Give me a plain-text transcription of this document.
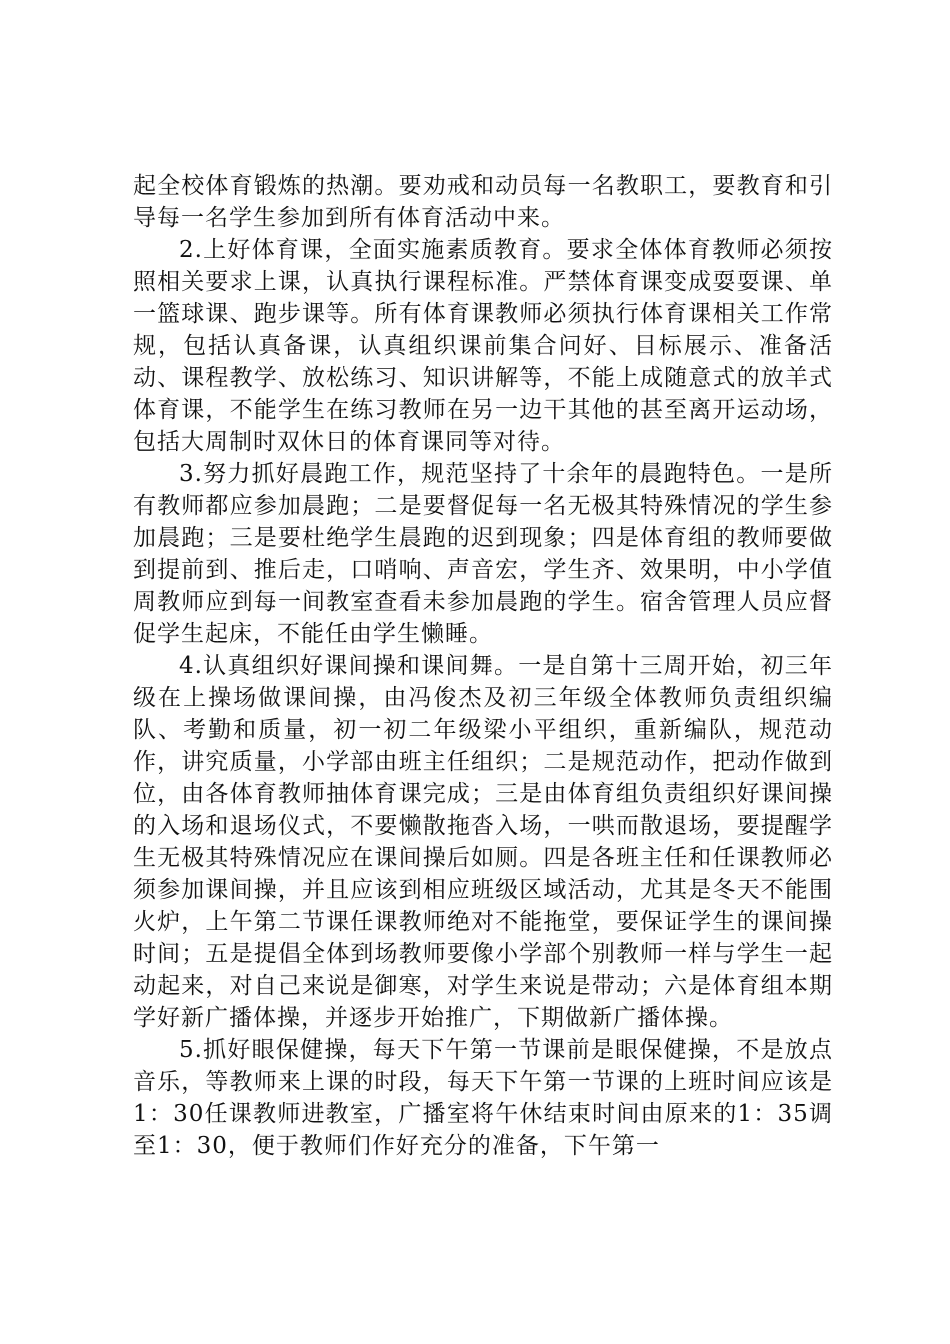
起全校体育锻炼的热潮。要劝戒和动员每一名教职工，要教育和引导每一名学生参加到所有体育活动中来。

2.上好体育课，全面实施素质教育。要求全体体育教师必须按照相关要求上课，认真执行课程标准。严禁体育课变成耍耍课、单一篮球课、跑步课等。所有体育课教师必须执行体育课相关工作常规，包括认真备课，认真组织课前集合问好、目标展示、准备活动、课程教学、放松练习、知识讲解等，不能上成随意式的放羊式体育课，不能学生在练习教师在另一边干其他的甚至离开运动场，包括大周制时双休日的体育课同等对待。

3.努力抓好晨跑工作，规范坚持了十余年的晨跑特色。一是所有教师都应参加晨跑；二是要督促每一名无极其特殊情况的学生参加晨跑；三是要杜绝学生晨跑的迟到现象；四是体育组的教师要做到提前到、推后走，口哨响、声音宏，学生齐、效果明，中小学值周教师应到每一间教室查看未参加晨跑的学生。宿舍管理人员应督促学生起床，不能任由学生懒睡。

4.认真组织好课间操和课间舞。一是自第十三周开始，初三年级在上操场做课间操，由冯俊杰及初三年级全体教师负责组织编队、考勤和质量，初一初二年级梁小平组织，重新编队，规范动作，讲究质量，小学部由班主任组织；二是规范动作，把动作做到位，由各体育教师抽体育课完成；三是由体育组负责组织好课间操的入场和退场仪式，不要懒散拖沓入场，一哄而散退场，要提醒学生无极其特殊情况应在课间操后如厕。四是各班主任和任课教师必须参加课间操，并且应该到相应班级区域活动，尤其是冬天不能围火炉，上午第二节课任课教师绝对不能拖堂，要保证学生的课间操时间；五是提倡全体到场教师要像小学部个别教师一样与学生一起动起来，对自己来说是御寒，对学生来说是带动；六是体育组本期学好新广播体操，并逐步开始推广，下期做新广播体操。

5.抓好眼保健操，每天下午第一节课前是眼保健操，不是放点音乐，等教师来上课的时段，每天下午第一节课的上班时间应该是1：30任课教师进教室，广播室将午休结束时间由原来的1：35调至1：30，便于教师们作好充分的准备，下午第一
